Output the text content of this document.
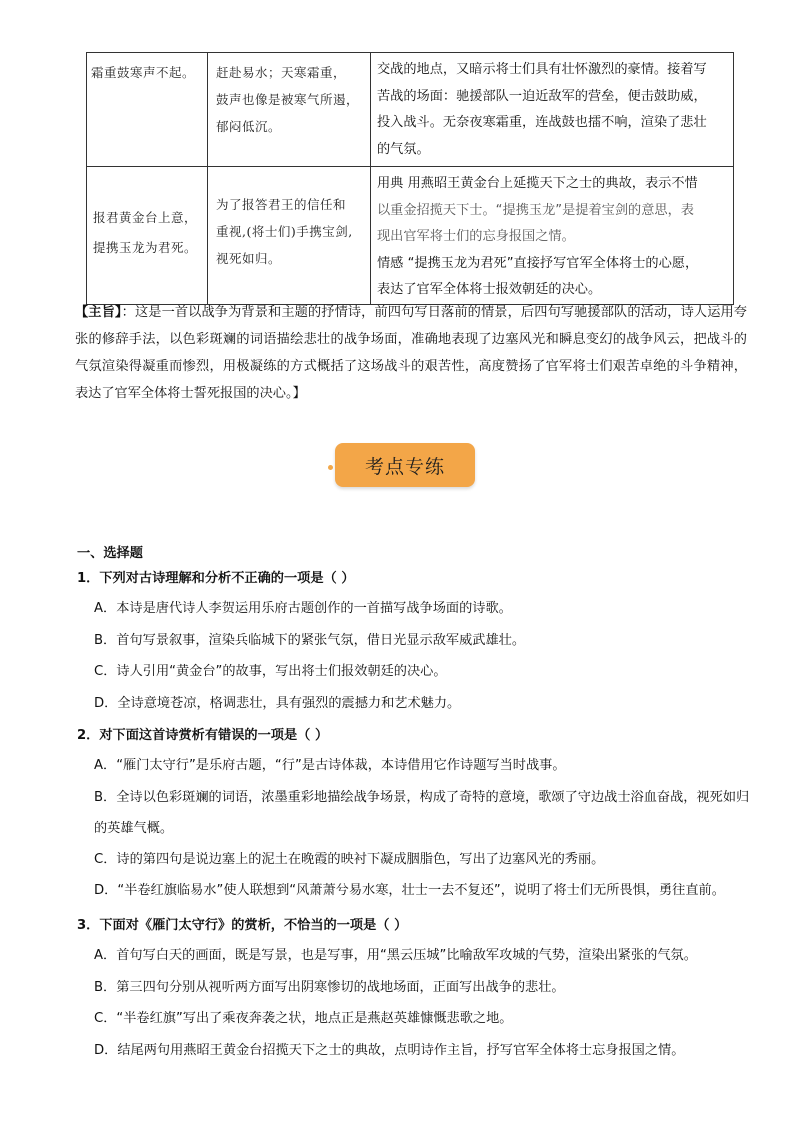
霜重鼓寒声不起。	赶赴易水；天寒霜重，
鼓声也像是被寒气所遏，
郁闷低沉。	交战的地点，又暗示将士们具有壮怀激烈的豪情。接着写
苦战的场面：驰援部队一迫近敌军的营垒，便击鼓助威，
投入战斗。无奈夜寒霜重，连战鼓也擂不响，渲染了悲壮
的气氛。

报君黄金台上意，
提携玉龙为君死。	为了报答君王的信任和
重视,(将士们)手携宝剑,
视死如归。	用典 用燕昭王黄金台上延揽天下之士的典故，表示不惜
以重金招揽天下士。“提携玉龙”是提着宝剑的意思，表
现出官军将士们的忘身报国之情。
情感 “提携玉龙为君死”直接抒写官军全体将士的心愿，
表达了官军全体将士报效朝廷的决心。
【主旨】：这是一首以战争为背景和主题的抒情诗，前四句写日落前的情景，后四句写驰援部队的活动，诗人运用夸张的修辞手法，以色彩斑斓的词语描绘悲壮的战争场面，准确地表现了边塞风光和瞬息变幻的战争风云，把战斗的气氛渲染得凝重而惨烈，用极凝练的方式概括了这场战斗的艰苦性，高度赞扬了官军将士们艰苦卓绝的斗争精神，表达了官军全体将士誓死报国的决心。】
考点专练
一、选择题
1．下列对古诗理解和分析不正确的一项是（ ）
A．本诗是唐代诗人李贺运用乐府古题创作的一首描写战争场面的诗歌。
B．首句写景叙事，渲染兵临城下的紧张气氛，借日光显示敌军威武雄壮。
C．诗人引用“黄金台”的故事，写出将士们报效朝廷的决心。
D．全诗意境苍凉，格调悲壮，具有强烈的震撼力和艺术魅力。
2．对下面这首诗赏析有错误的一项是（ ）
A．“雁门太守行”是乐府古题，“行”是古诗体裁，本诗借用它作诗题写当时战事。
B．全诗以色彩斑斓的词语，浓墨重彩地描绘战争场景，构成了奇特的意境，歌颂了守边战士浴血奋战，视死如归的英雄气概。
C．诗的第四句是说边塞上的泥土在晚霞的映衬下凝成胭脂色，写出了边塞风光的秀丽。
D．“半卷红旗临易水”使人联想到“风萧萧兮易水寒，壮士一去不复还”，说明了将士们无所畏惧，勇往直前。
3．下面对《雁门太守行》的赏析，不恰当的一项是（ ）
A．首句写白天的画面，既是写景，也是写事，用“黑云压城”比喻敌军攻城的气势，渲染出紧张的气氛。
B．第三四句分别从视听两方面写出阴寒惨切的战地场面，正面写出战争的悲壮。
C．“半卷红旗”写出了乘夜奔袭之状，地点正是燕赵英雄慷慨悲歌之地。
D．结尾两句用燕昭王黄金台招揽天下之士的典故，点明诗作主旨，抒写官军全体将士忘身报国之情。
